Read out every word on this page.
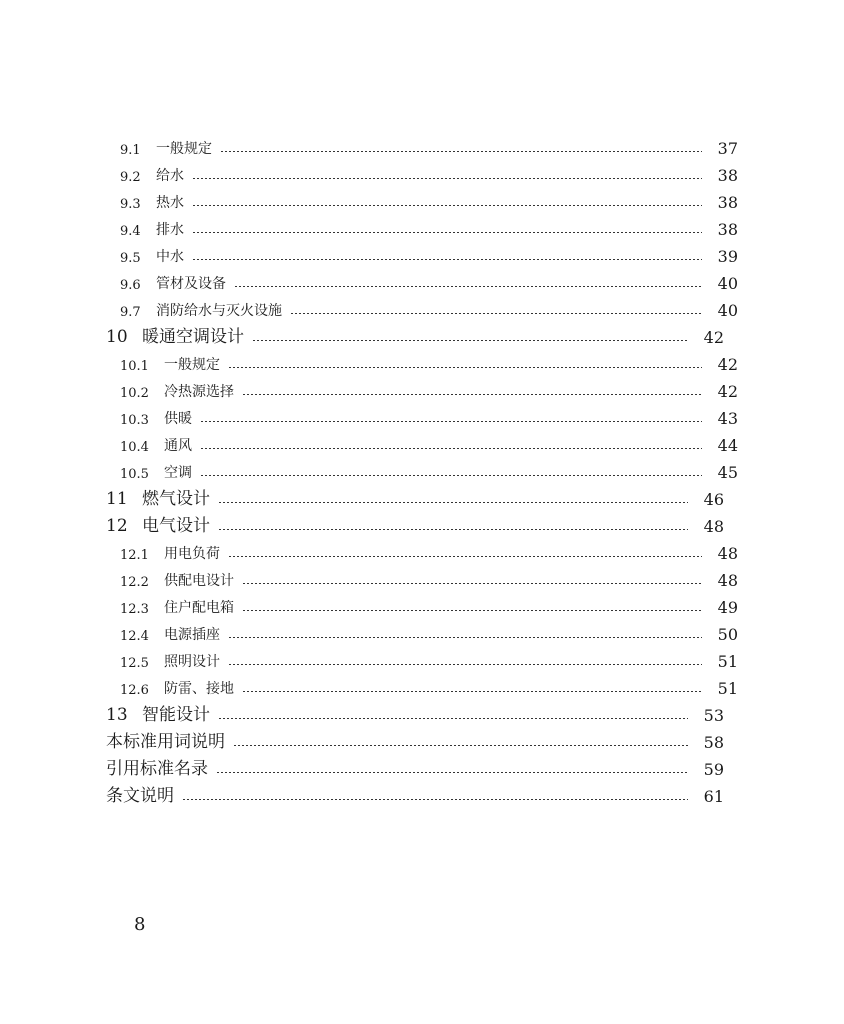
9.1	一般规定	37
9.2	给水	38
9.3	热水	38
9.4	排水	38
9.5	中水	39
9.6	管材及设备	40
9.7	消防给水与灭火设施	40
10 暖通空调设计	42
10.1	一般规定	42
10.2	冷热源选择	42
10.3	供暖	43
10.4	通风	44
10.5	空调	45
11 燃气设计	46
12 电气设计	48
12.1	用电负荷	48
12.2	供配电设计	48
12.3	住户配电箱	49
12.4	电源插座	50
12.5	照明设计	51
12.6	防雷、接地	51
13 智能设计	53
本标准用词说明	58
引用标准名录	59
条文说明	61
8
